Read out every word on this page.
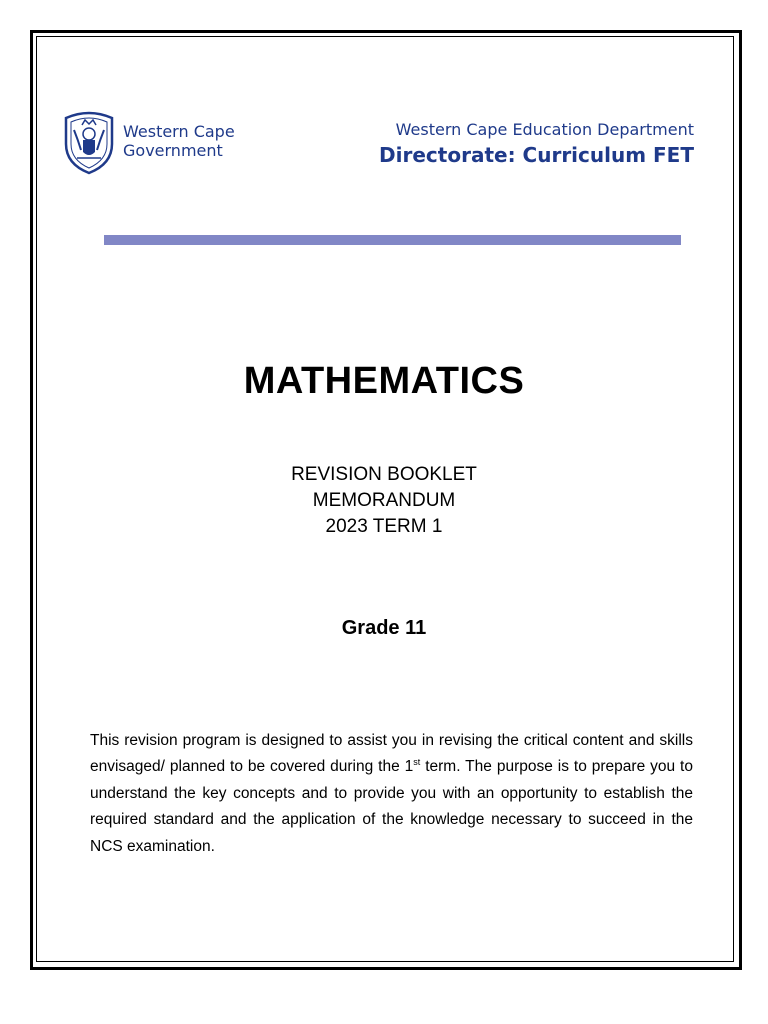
Western Cape
Government
Western Cape Education Department
Directorate: Curriculum FET
MATHEMATICS
REVISION BOOKLET
MEMORANDUM
2023 TERM 1
Grade 11

This revision program is designed to assist you in revising the critical content and skills envisaged/ planned to be covered during the 1st term. The purpose is to prepare you to understand the key concepts and to provide you with an opportunity to establish the required standard and the application of the knowledge necessary to succeed in the NCS examination.
